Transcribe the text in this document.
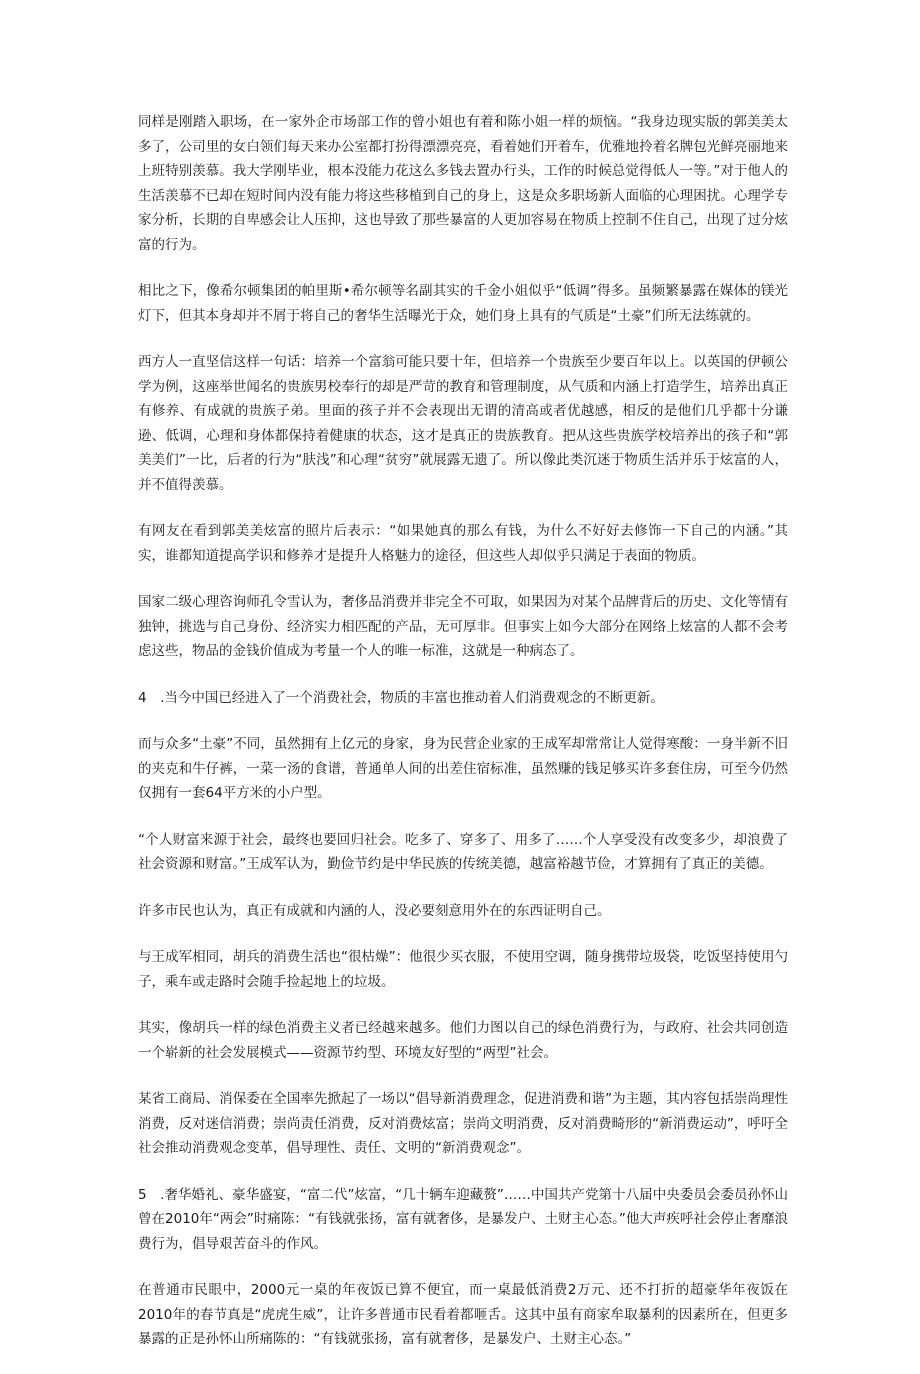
同样是刚踏入职场，在一家外企市场部工作的曾小姐也有着和陈小姐一样的烦恼。“我身边现实版的郭美美太多了，公司里的女白领们每天来办公室都打扮得漂漂亮亮，看着她们开着车，优雅地拎着名牌包光鲜亮丽地来上班特别羡慕。我大学刚毕业，根本没能力花这么多钱去置办行头，工作的时候总觉得低人一等。”对于他人的生活羡慕不已却在短时间内没有能力将这些移植到自己的身上，这是众多职场新人面临的心理困扰。心理学专家分析，长期的自卑感会让人压抑，这也导致了那些暴富的人更加容易在物质上控制不住自己，出现了过分炫富的行为。

相比之下，像希尔顿集团的帕里斯•希尔顿等名副其实的千金小姐似乎“低调”得多。虽频繁暴露在媒体的镁光灯下，但其本身却并不屑于将自己的奢华生活曝光于众，她们身上具有的气质是“土豪”们所无法练就的。

西方人一直坚信这样一句话：培养一个富翁可能只要十年，但培养一个贵族至少要百年以上。以英国的伊顿公学为例，这座举世闻名的贵族男校奉行的却是严苛的教育和管理制度，从气质和内涵上打造学生，培养出真正有修养、有成就的贵族子弟。里面的孩子并不会表现出无谓的清高或者优越感，相反的是他们几乎都十分谦逊、低调，心理和身体都保持着健康的状态，这才是真正的贵族教育。把从这些贵族学校培养出的孩子和“郭美美们”一比，后者的行为“肤浅”和心理“贫穷”就展露无遗了。所以像此类沉迷于物质生活并乐于炫富的人，并不值得羡慕。

有网友在看到郭美美炫富的照片后表示：“如果她真的那么有钱，为什么不好好去修饰一下自己的内涵。”其实，谁都知道提高学识和修养才是提升人格魅力的途径，但这些人却似乎只满足于表面的物质。

国家二级心理咨询师孔令雪认为，奢侈品消费并非完全不可取，如果因为对某个品牌背后的历史、文化等情有独钟，挑选与自己身份、经济实力相匹配的产品，无可厚非。但事实上如今大部分在网络上炫富的人都不会考虑这些，物品的金钱价值成为考量一个人的唯一标准，这就是一种病态了。

4　.当今中国已经进入了一个消费社会，物质的丰富也推动着人们消费观念的不断更新。

而与众多“土豪”不同，虽然拥有上亿元的身家，身为民营企业家的王成军却常常让人觉得寒酸：一身半新不旧的夹克和牛仔裤，一菜一汤的食谱，普通单人间的出差住宿标准，虽然赚的钱足够买许多套住房，可至今仍然仅拥有一套64平方米的小户型。

“个人财富来源于社会，最终也要回归社会。吃多了、穿多了、用多了……个人享受没有改变多少，却浪费了社会资源和财富。”王成军认为，勤俭节约是中华民族的传统美德，越富裕越节俭，才算拥有了真正的美德。

许多市民也认为，真正有成就和内涵的人，没必要刻意用外在的东西证明自己。

与王成军相同，胡兵的消费生活也“很枯燥”：他很少买衣服，不使用空调，随身携带垃圾袋，吃饭坚持使用勺子，乘车或走路时会随手捡起地上的垃圾。

其实，像胡兵一样的绿色消费主义者已经越来越多。他们力图以自己的绿色消费行为，与政府、社会共同创造一个崭新的社会发展模式——资源节约型、环境友好型的“两型”社会。

某省工商局、消保委在全国率先掀起了一场以“倡导新消费理念，促进消费和谐”为主题，其内容包括崇尚理性消费，反对迷信消费；崇尚责任消费，反对消费炫富；崇尚文明消费，反对消费畸形的“新消费运动”，呼吁全社会推动消费观念变革，倡导理性、责任、文明的“新消费观念”。

5　.奢华婚礼、豪华盛宴，“富二代”炫富，“几十辆车迎藏赘”……中国共产党第十八届中央委员会委员孙怀山曾在2010年“两会”时痛陈：“有钱就张扬，富有就奢侈，是暴发户、土财主心态。”他大声疾呼社会停止奢靡浪费行为，倡导艰苦奋斗的作风。

在普通市民眼中，2000元一桌的年夜饭已算不便宜，而一桌最低消费2万元、还不打折的超豪华年夜饭在2010年的春节真是“虎虎生威”，让许多普通市民看着都咂舌。这其中虽有商家牟取暴利的因素所在，但更多暴露的正是孙怀山所痛陈的：“有钱就张扬，富有就奢侈，是暴发户、土财主心态。”
